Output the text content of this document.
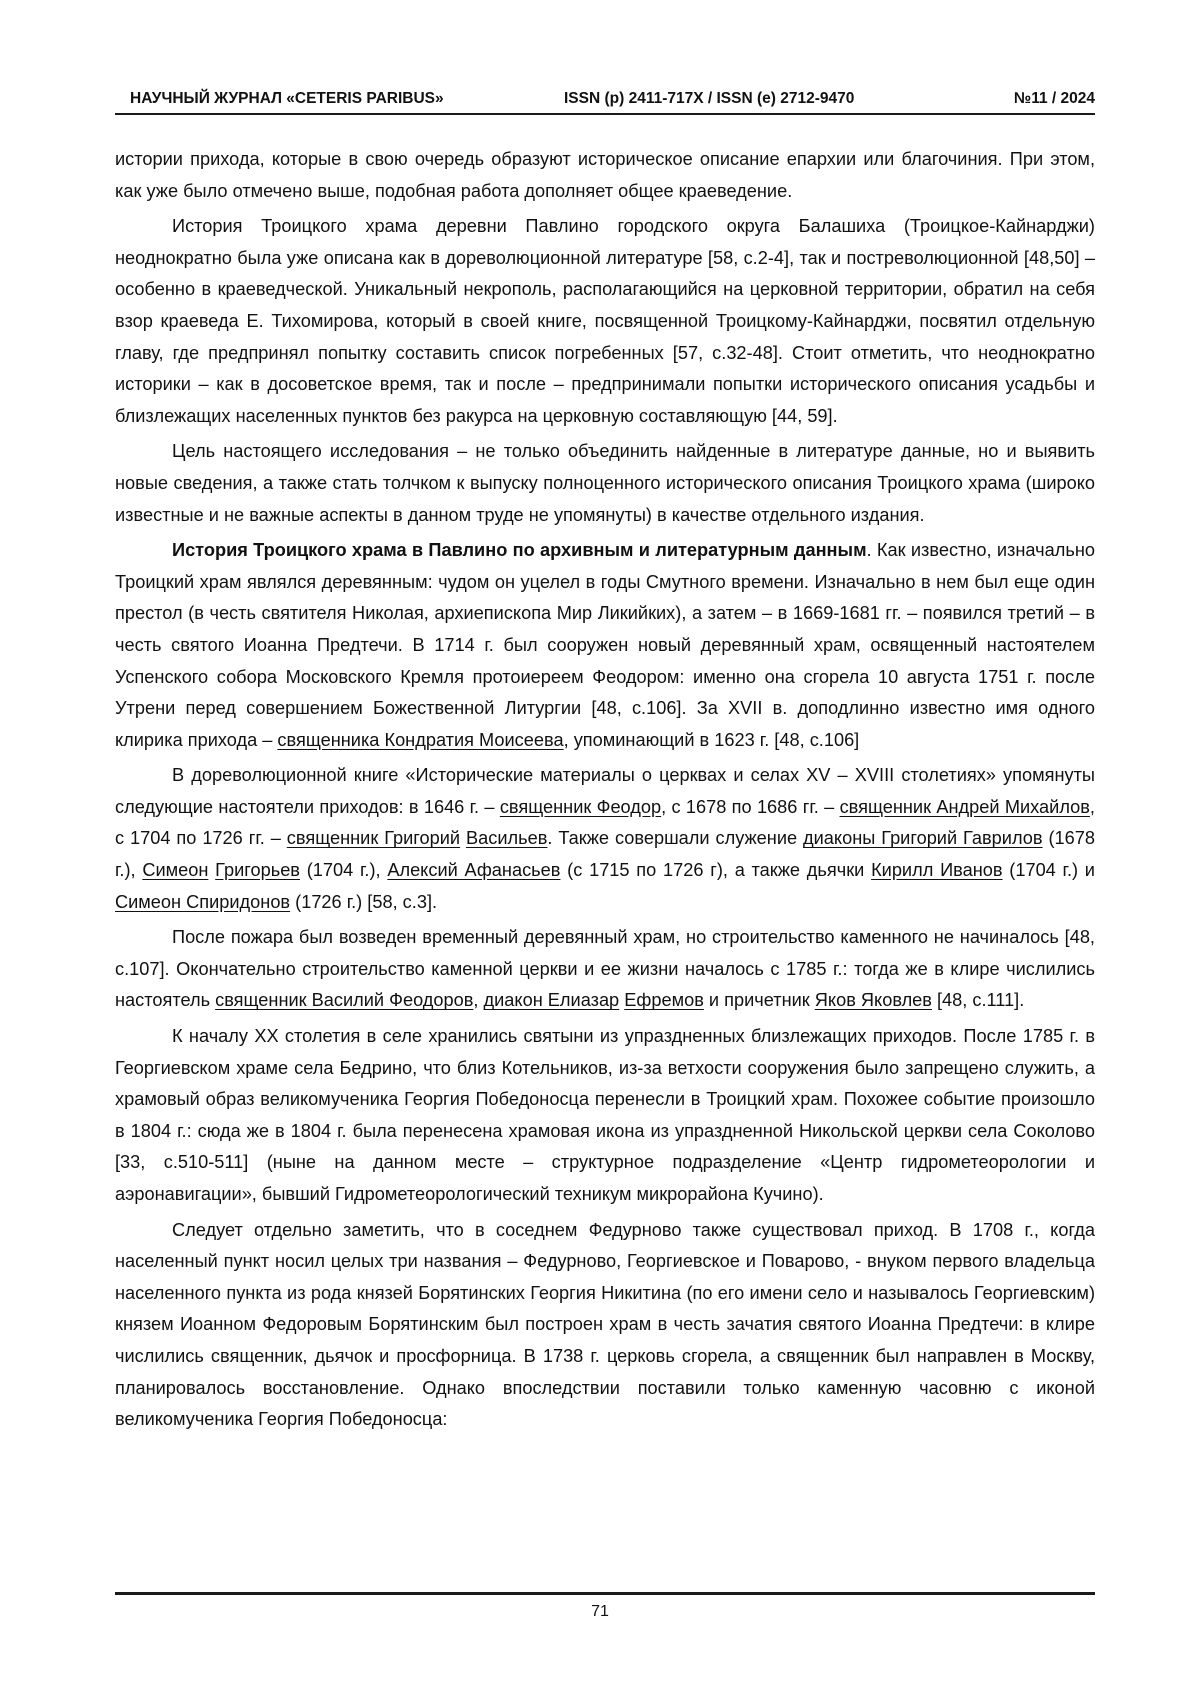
НАУЧНЫЙ ЖУРНАЛ «CETERIS PARIBUS»	ISSN (p) 2411-717X / ISSN (e) 2712-9470	№11 / 2024

истории прихода, которые в свою очередь образуют историческое описание епархии или благочиния. При этом, как уже было отмечено выше, подобная работа дополняет общее краеведение.

История Троицкого храма деревни Павлино городского округа Балашиха (Троицкое-Кайнарджи) неоднократно была уже описана как в дореволюционной литературе [58, с.2-4], так и постреволюционной [48,50] – особенно в краеведческой. Уникальный некрополь, располагающийся на церковной территории, обратил на себя взор краеведа Е. Тихомирова, который в своей книге, посвященной Троицкому-Кайнарджи, посвятил отдельную главу, где предпринял попытку составить список погребенных [57, с.32-48]. Стоит отметить, что неоднократно историки – как в досоветское время, так и после – предпринимали попытки исторического описания усадьбы и близлежащих населенных пунктов без ракурса на церковную составляющую [44, 59].

Цель настоящего исследования – не только объединить найденные в литературе данные, но и выявить новые сведения, а также стать толчком к выпуску полноценного исторического описания Троицкого храма (широко известные и не важные аспекты в данном труде не упомянуты) в качестве отдельного издания.

История Троицкого храма в Павлино по архивным и литературным данным. Как известно, изначально Троицкий храм являлся деревянным: чудом он уцелел в годы Смутного времени. Изначально в нем был еще один престол (в честь святителя Николая, архиепископа Мир Ликийких), а затем – в 1669-1681 гг. – появился третий – в честь святого Иоанна Предтечи. В 1714 г. был сооружен новый деревянный храм, освященный настоятелем Успенского собора Московского Кремля протоиереем Феодором: именно она сгорела 10 августа 1751 г. после Утрени перед совершением Божественной Литургии [48, с.106]. За XVII в. доподлинно известно имя одного клирика прихода – священника Кондратия Моисеева, упоминающий в 1623 г. [48, с.106]

В дореволюционной книге «Исторические материалы о церквах и селах XV – XVIII столетиях» упомянуты следующие настоятели приходов: в 1646 г. – священник Феодор, с 1678 по 1686 гг. – священник Андрей Михайлов, с 1704 по 1726 гг. – священник Григорий Васильев. Также совершали служение диаконы Григорий Гаврилов (1678 г.), Симеон Григорьев (1704 г.), Алексий Афанасьев (с 1715 по 1726 г), а также дьячки Кирилл Иванов (1704 г.) и Симеон Спиридонов (1726 г.) [58, с.3].

После пожара был возведен временный деревянный храм, но строительство каменного не начиналось [48, с.107]. Окончательно строительство каменной церкви и ее жизни началось с 1785 г.: тогда же в клире числились настоятель священник Василий Феодоров, диакон Елиазар Ефремов и причетник Яков Яковлев [48, с.111].

К началу XX столетия в селе хранились святыни из упраздненных близлежащих приходов. После 1785 г. в Георгиевском храме села Бедрино, что близ Котельников, из-за ветхости сооружения было запрещено служить, а храмовый образ великомученика Георгия Победоносца перенесли в Троицкий храм. Похожее событие произошло в 1804 г.: сюда же в 1804 г. была перенесена храмовая икона из упраздненной Никольской церкви села Соколово [33, с.510-511] (ныне на данном месте – структурное подразделение «Центр гидрометеорологии и аэронавигации», бывший Гидрометеорологический техникум микрорайона Кучино).

Следует отдельно заметить, что в соседнем Федурново также существовал приход. В 1708 г., когда населенный пункт носил целых три названия – Федурново, Георгиевское и Поварово, - внуком первого владельца населенного пункта из рода князей Борятинских Георгия Никитина (по его имени село и называлось Георгиевским) князем Иоанном Федоровым Борятинским был построен храм в честь зачатия святого Иоанна Предтечи: в клире числились священник, дьячок и просфорница. В 1738 г. церковь сгорела, а священник был направлен в Москву, планировалось восстановление. Однако впоследствии поставили только каменную часовню с иконой великомученика Георгия Победоносца:

71
